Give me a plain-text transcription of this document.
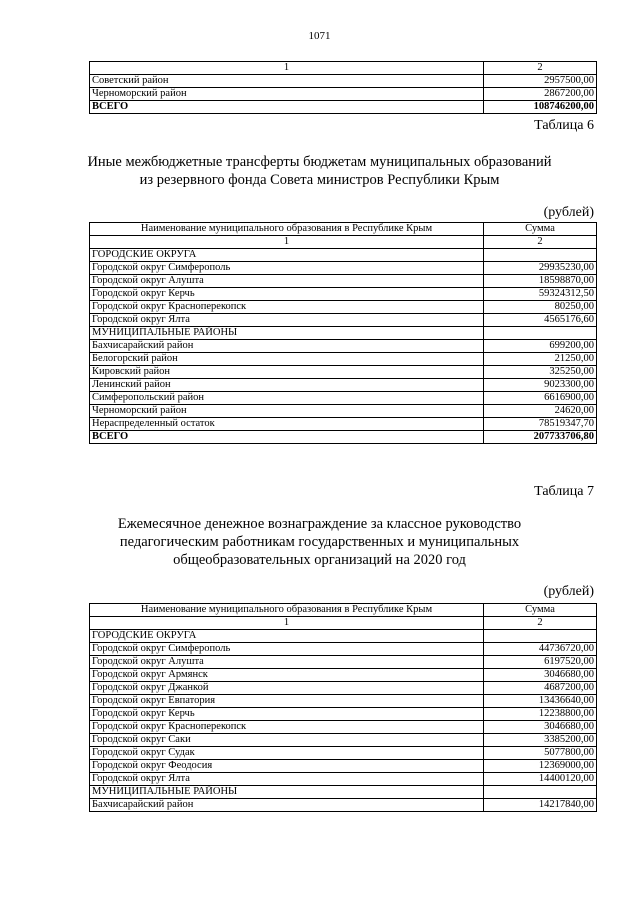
1071
1	2
Советский район	2957500,00
Черноморский район	2867200,00
ВСЕГО	108746200,00
Таблица 6
Иные межбюджетные трансферты бюджетам муниципальных образований
из резервного фонда Совета министров Республики Крым
(рублей)
Наименование муниципального образования в Республике Крым	Сумма
1	2
ГОРОДСКИЕ ОКРУГА	
Городской округ Симферополь	29935230,00
Городской округ Алушта	18598870,00
Городской округ Керчь	59324312,50
Городской округ Красноперекопск	80250,00
Городской округ Ялта	4565176,60
МУНИЦИПАЛЬНЫЕ РАЙОНЫ	
Бахчисарайский район	699200,00
Белогорский район	21250,00
Кировский район	325250,00
Ленинский район	9023300,00
Симферопольский район	6616900,00
Черноморский район	24620,00
Нераспределенный остаток	78519347,70
ВСЕГО	207733706,80
Таблица 7
Ежемесячное денежное вознаграждение за классное руководство
педагогическим работникам государственных и муниципальных
общеобразовательных организаций на 2020 год
(рублей)
Наименование муниципального образования в Республике Крым	Сумма
1	2
ГОРОДСКИЕ ОКРУГА	
Городской округ Симферополь	44736720,00
Городской округ Алушта	6197520,00
Городской округ Армянск	3046680,00
Городской округ Джанкой	4687200,00
Городской округ Евпатория	13436640,00
Городской округ Керчь	12238800,00
Городской округ Красноперекопск	3046680,00
Городской округ Саки	3385200,00
Городской округ Судак	5077800,00
Городской округ Феодосия	12369000,00
Городской округ Ялта	14400120,00
МУНИЦИПАЛЬНЫЕ РАЙОНЫ	
Бахчисарайский район	14217840,00
